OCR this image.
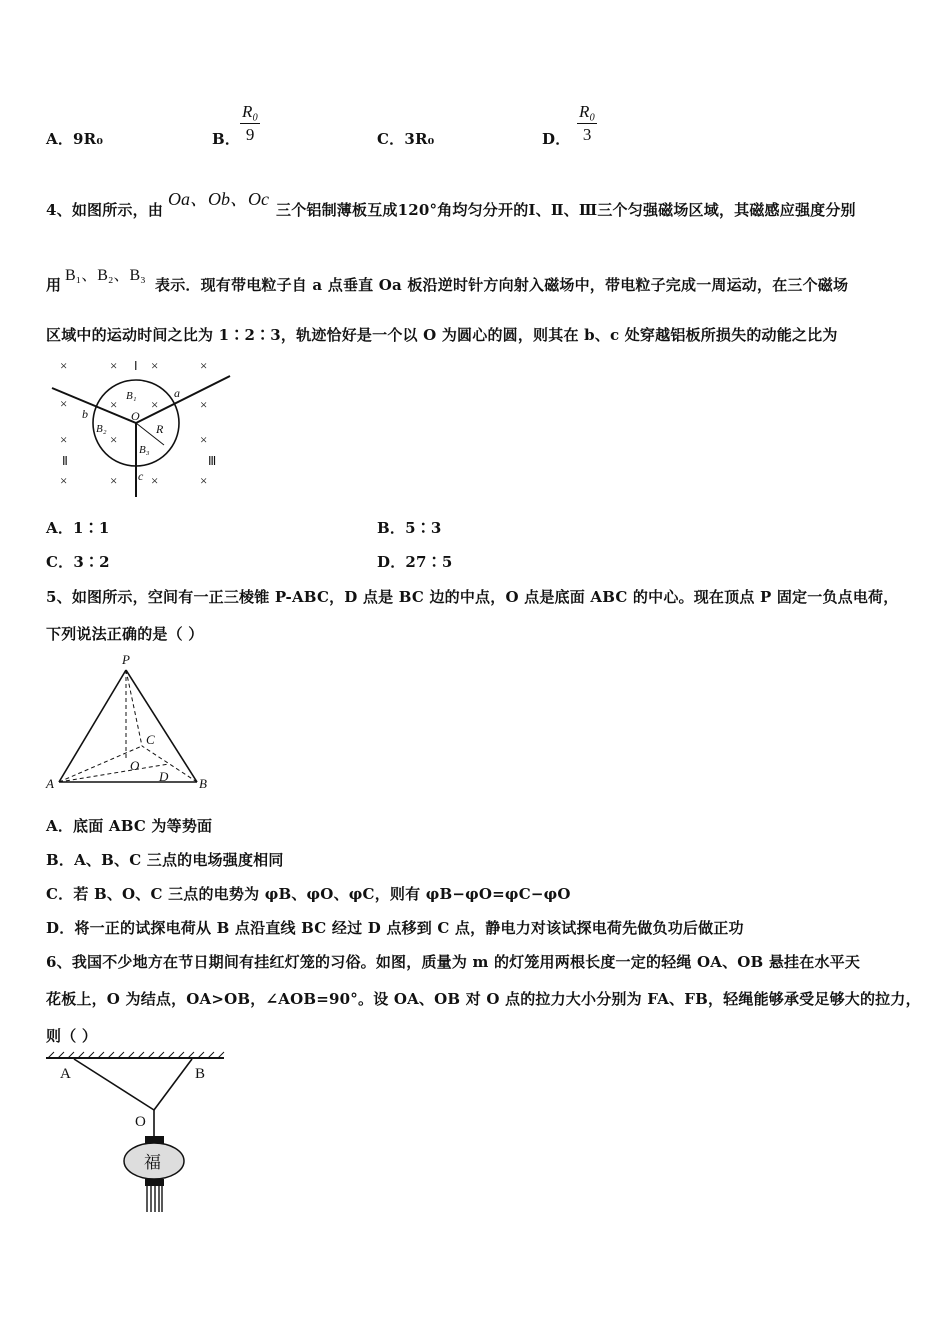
A．9R₀	B． $\frac{\text{R₀}}{9}$	C．3R₀	D． $\frac{\text{R₀}}{3}$
4、如图所示，由
Oa、Ob、Oc
三个铝制薄板互成120°角均匀分开的Ⅰ、Ⅱ、Ⅲ三个匀强磁场区域，其磁感应强度分别
用
B₁、B₂、B₃
表示．现有带电粒子自 a 点垂直 Oa 板沿逆时针方向射入磁场中，带电粒子完成一周运动，在三个磁场
区域中的运动时间之比为 1∶2∶3，轨迹恰好是一个以 O 为圆心的圆，则其在 b、c 处穿越铝板所损失的动能之比为
×	×	×	×
×	×	×	×
×	×	×
×	×	×	×
Ⅰ
Ⅱ	Ⅲ
a
b
c
O
R
B₁
B₂
B₃
A．1∶1	B．5∶3
C．3∶2	D．27∶5
5、如图所示，空间有一正三棱锥 P-ABC，D 点是 BC 边的中点，O 点是底面 ABC 的中心。现在顶点 P 固定一负点电荷，
下列说法正确的是（ ）
P
A	B
C
O
D
A．底面 ABC 为等势面
B．A、B、C 三点的电场强度相同
C．若 B、O、C 三点的电势为 φB、φO、φC，则有 φB−φO=φC−φO
D．将一正的试探电荷从 B 点沿直线 BC 经过 D 点移到 C 点，静电力对该试探电荷先做负功后做正功
6、我国不少地方在节日期间有挂红灯笼的习俗。如图，质量为 m 的灯笼用两根长度一定的轻绳 OA、OB 悬挂在水平天
花板上，O 为结点，OA>OB，∠AOB=90°。设 OA、OB 对 O 点的拉力大小分别为 FA、FB，轻绳能够承受足够大的拉力，
则（ ）
福
A	B
O
